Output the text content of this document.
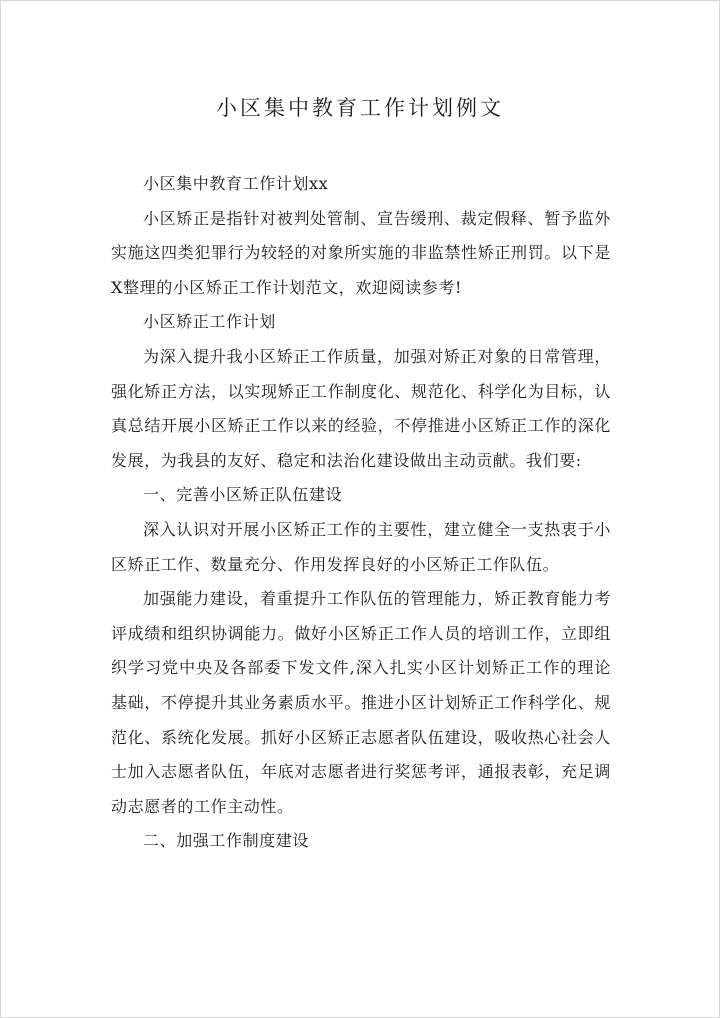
小区集中教育工作计划例文

小区集中教育工作计划xx

小区矫正是指针对被判处管制、宣告缓刑、裁定假释、暂予监外实施这四类犯罪行为较轻的对象所实施的非监禁性矫正刑罚。以下是X整理的小区矫正工作计划范文，欢迎阅读参考!

小区矫正工作计划

为深入提升我小区矫正工作质量，加强对矫正对象的日常管理，强化矫正方法，以实现矫正工作制度化、规范化、科学化为目标，认真总结开展小区矫正工作以来的经验，不停推进小区矫正工作的深化发展，为我县的友好、稳定和法治化建设做出主动贡献。我们要:

一、完善小区矫正队伍建设

深入认识对开展小区矫正工作的主要性，建立健全一支热衷于小区矫正工作、数量充分、作用发挥良好的小区矫正工作队伍。

加强能力建设，着重提升工作队伍的管理能力，矫正教育能力考评成绩和组织协调能力。做好小区矫正工作人员的培训工作，立即组织学习党中央及各部委下发文件,深入扎实小区计划矫正工作的理论基础，不停提升其业务素质水平。推进小区计划矫正工作科学化、规范化、系统化发展。抓好小区矫正志愿者队伍建设，吸收热心社会人士加入志愿者队伍，年底对志愿者进行奖惩考评，通报表彰，充足调动志愿者的工作主动性。

二、加强工作制度建设
